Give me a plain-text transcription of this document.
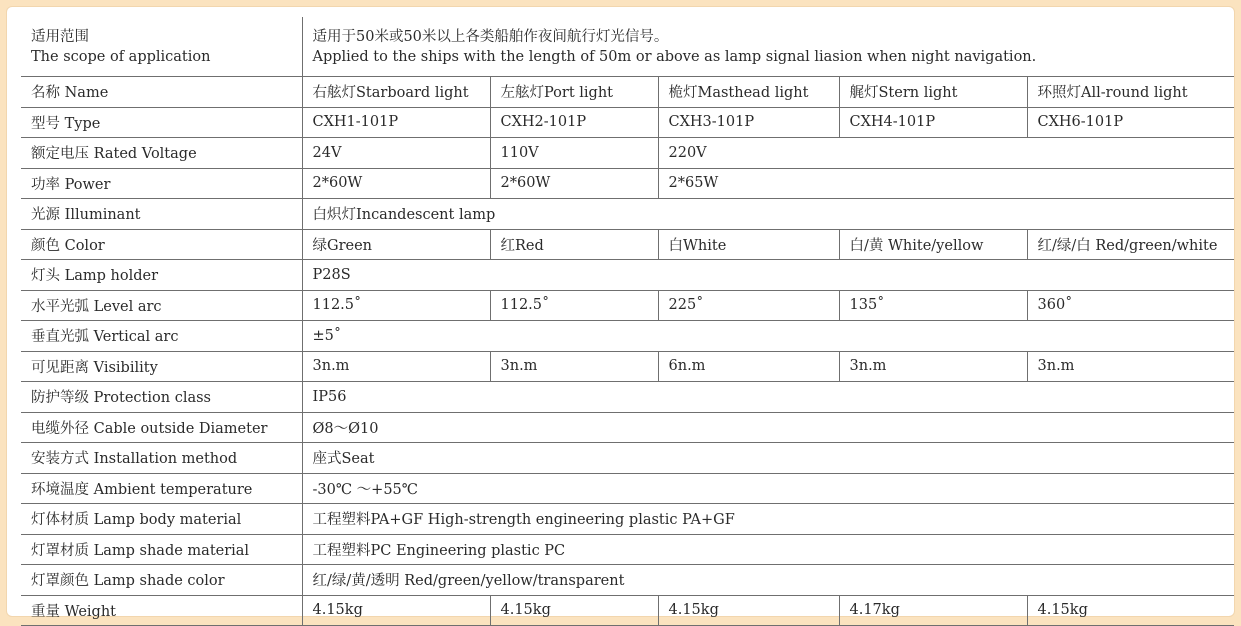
适用范围
The scope of application	适用于50米或50米以上各类船舶作夜间航行灯光信号。
Applied to the ships with the length of 50m or above as lamp signal liasion when night navigation.				

名称 Name	右舷灯Starboard light	左舷灯Port light	桅灯Masthead light	艉灯Stern light	环照灯All-round light
型号 Type	CXH1-101P	CXH2-101P	CXH3-101P	CXH4-101P	CXH6-101P
额定电压 Rated Voltage	24V	110V	220V		
功率 Power	2*60W	2*60W	2*65W		
光源 Illuminant	白炽灯Incandescent lamp				
颜色 Color	绿Green	红Red	白White	白/黄 White/yellow	红/绿/白 Red/green/white
灯头 Lamp holder	P28S				
水平光弧 Level arc	112.5˚	112.5˚	225˚	135˚	360˚
垂直光弧 Vertical arc	±5˚				
可见距离 Visibility	3n.m	3n.m	6n.m	3n.m	3n.m
防护等级 Protection class	IP56				
电缆外径 Cable outside Diameter	Ø8～Ø10				
安装方式 Installation method	座式Seat				
环境温度 Ambient temperature	-30℃ ～+55℃				
灯体材质 Lamp body material	工程塑料PA+GF High-strength engineering plastic PA+GF				
灯罩材质 Lamp shade material	工程塑料PC Engineering plastic PC				
灯罩颜色 Lamp shade color	红/绿/黄/透明 Red/green/yellow/transparent				
重量 Weight	4.15kg	4.15kg	4.15kg	4.17kg	4.15kg
